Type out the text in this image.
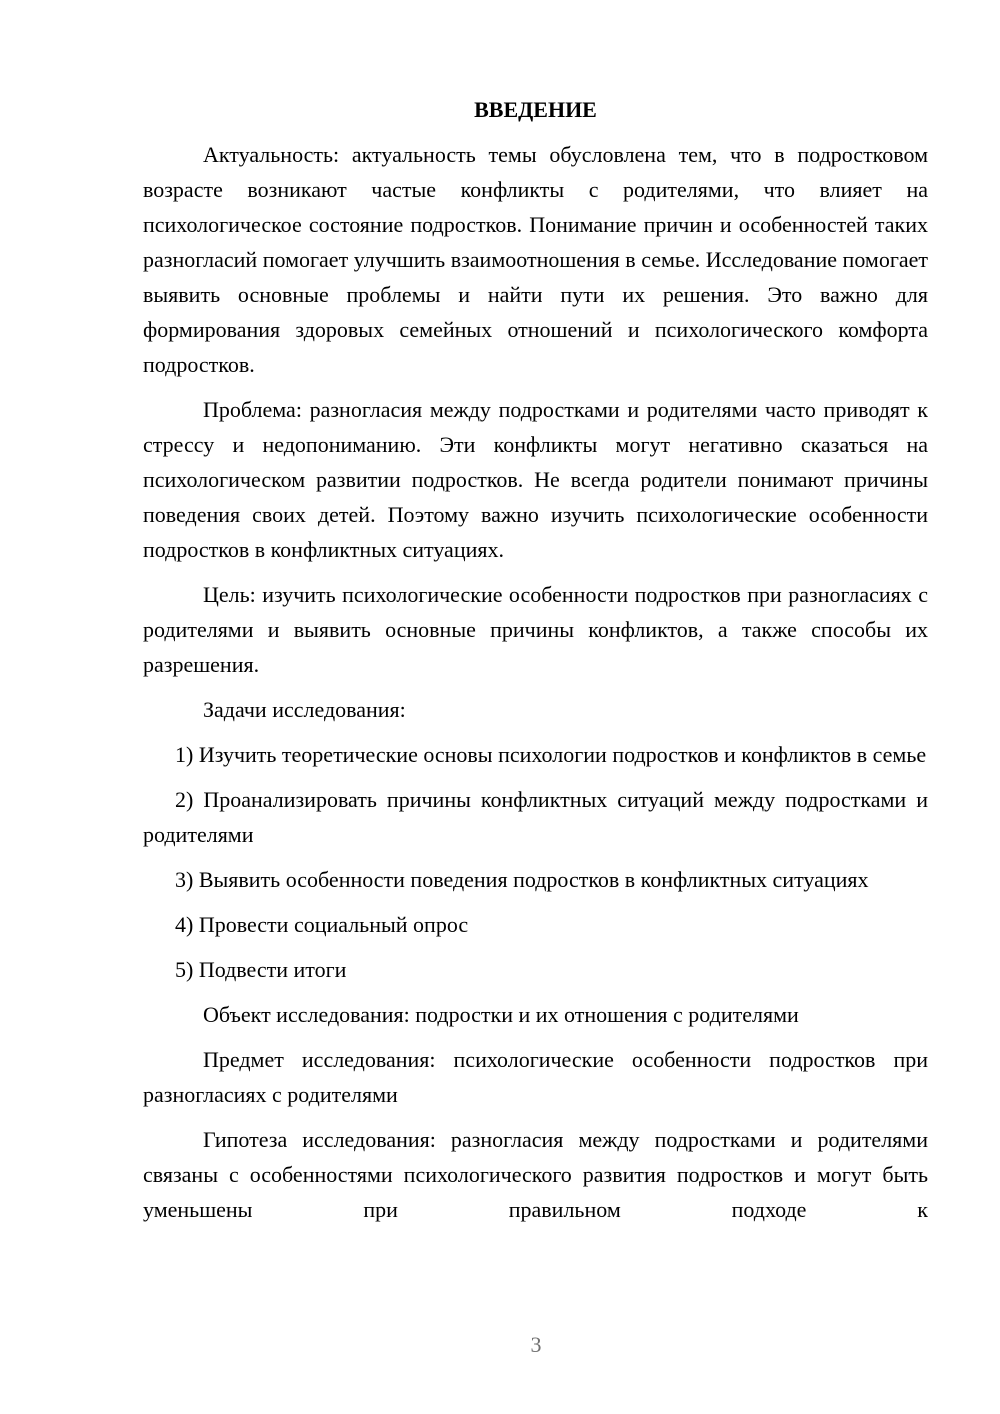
ВВЕДЕНИЕ

Актуальность: актуальность темы обусловлена тем, что в подростковом возрасте возникают частые конфликты с родителями, что влияет на психологическое состояние подростков. Понимание причин и особенностей таких разногласий помогает улучшить взаимоотношения в семье. Исследование помогает выявить основные проблемы и найти пути их решения. Это важно для формирования здоровых семейных отношений и психологического комфорта подростков.

Проблема: разногласия между подростками и родителями часто приводят к стрессу и недопониманию. Эти конфликты могут негативно сказаться на психологическом развитии подростков. Не всегда родители понимают причины поведения своих детей. Поэтому важно изучить психологические особенности подростков в конфликтных ситуациях.

Цель: изучить психологические особенности подростков при разногласиях с родителями и выявить основные причины конфликтов, а также способы их разрешения.

Задачи исследования:

1) Изучить теоретические основы психологии подростков и конфликтов в семье

2) Проанализировать причины конфликтных ситуаций между подростками и родителями

3) Выявить особенности поведения подростков в конфликтных ситуациях

4) Провести социальный опрос

5) Подвести итоги

Объект исследования: подростки и их отношения с родителями

Предмет исследования: психологические особенности подростков при разногласиях с родителями

Гипотеза исследования: разногласия между подростками и родителями связаны с особенностями психологического развития подростков и могут быть уменьшены при правильном подходе к

3
